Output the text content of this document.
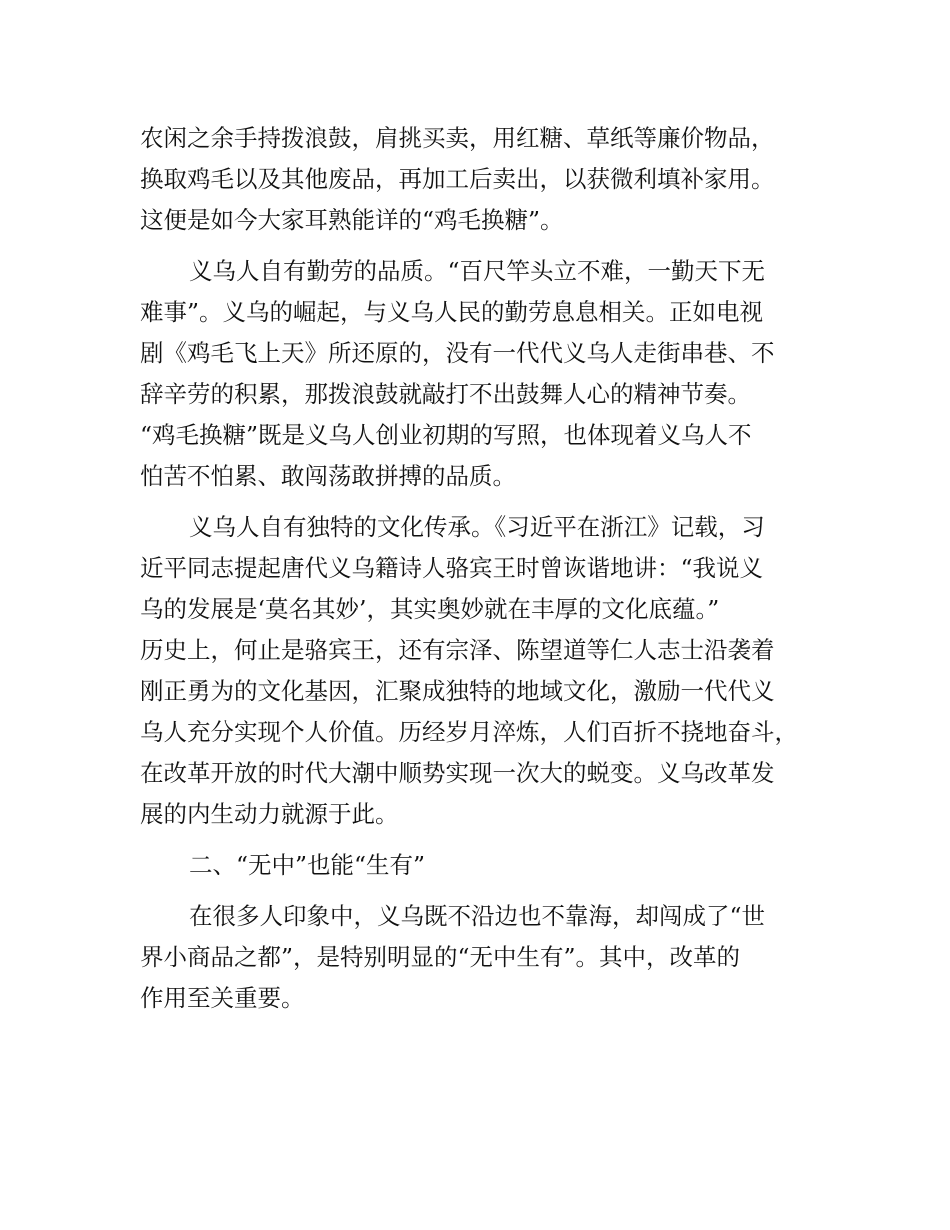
农闲之余手持拨浪鼓，肩挑买卖，用红糖、草纸等廉价物品，
换取鸡毛以及其他废品，再加工后卖出，以获微利填补家用。
这便是如今大家耳熟能详的“鸡毛换糖”。

义乌人自有勤劳的品质。“百尺竿头立不难，一勤天下无
难事”。义乌的崛起，与义乌人民的勤劳息息相关。正如电视
剧《鸡毛飞上天》所还原的，没有一代代义乌人走街串巷、不
辞辛劳的积累，那拨浪鼓就敲打不出鼓舞人心的精神节奏。
“鸡毛换糖”既是义乌人创业初期的写照，也体现着义乌人不
怕苦不怕累、敢闯荡敢拼搏的品质。

义乌人自有独特的文化传承。《习近平在浙江》记载，习
近平同志提起唐代义乌籍诗人骆宾王时曾诙谐地讲：“我说义
乌的发展是‘莫名其妙’，其实奥妙就在丰厚的文化底蕴。”
历史上，何止是骆宾王，还有宗泽、陈望道等仁人志士沿袭着
刚正勇为的文化基因，汇聚成独特的地域文化，激励一代代义
乌人充分实现个人价值。历经岁月淬炼，人们百折不挠地奋斗，
在改革开放的时代大潮中顺势实现一次大的蜕变。义乌改革发
展的内生动力就源于此。

二、“无中”也能“生有”

在很多人印象中，义乌既不沿边也不靠海，却闯成了“世
界小商品之都”，是特别明显的“无中生有”。其中，改革的
作用至关重要。
